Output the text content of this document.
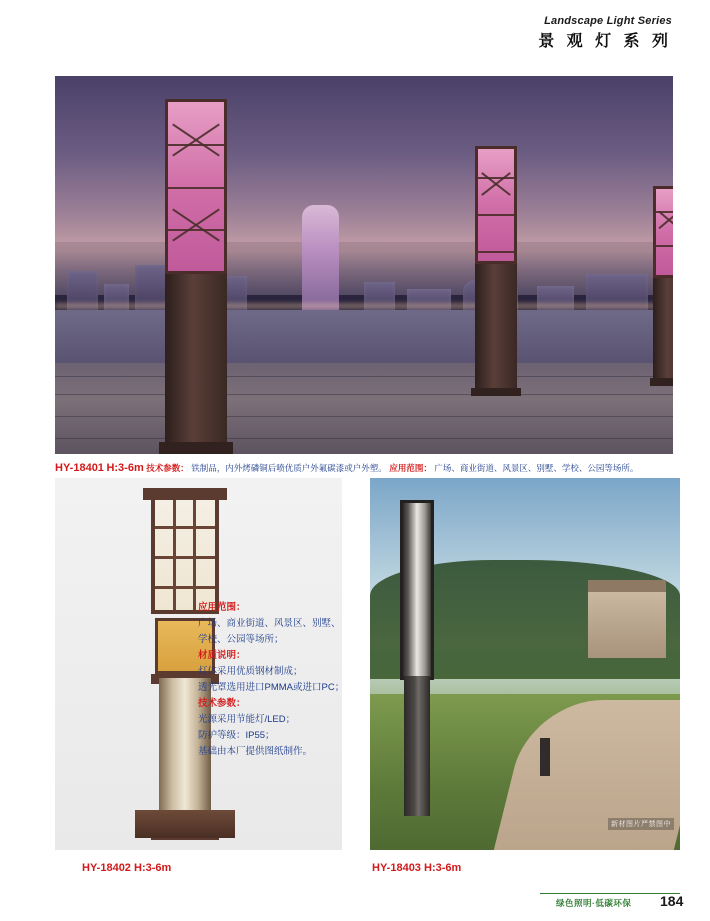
Landscape Light Series
景 观 灯 系 列
HY-18401 H:3-6m 技术参数： 铁制品，内外烤磷铜后喷优质户外氟碳漆或户外塑。 应用范围： 广场、商业街道、风景区、别墅、学校、公园等场所。
应用范围：
广场、商业街道、风景区、别墅、
学校、公园等场所；
材质说明：
灯体采用优质钢材制成；
透光罩选用进口PMMA或进口PC；
技术参数：
光源采用节能灯/LED；
防护等级：IP55；
基础由本厂提供图纸制作。
新材图片严禁图中
HY-18402 H:3-6m	HY-18403 H:3-6m
绿色照明·低碳环保 184
